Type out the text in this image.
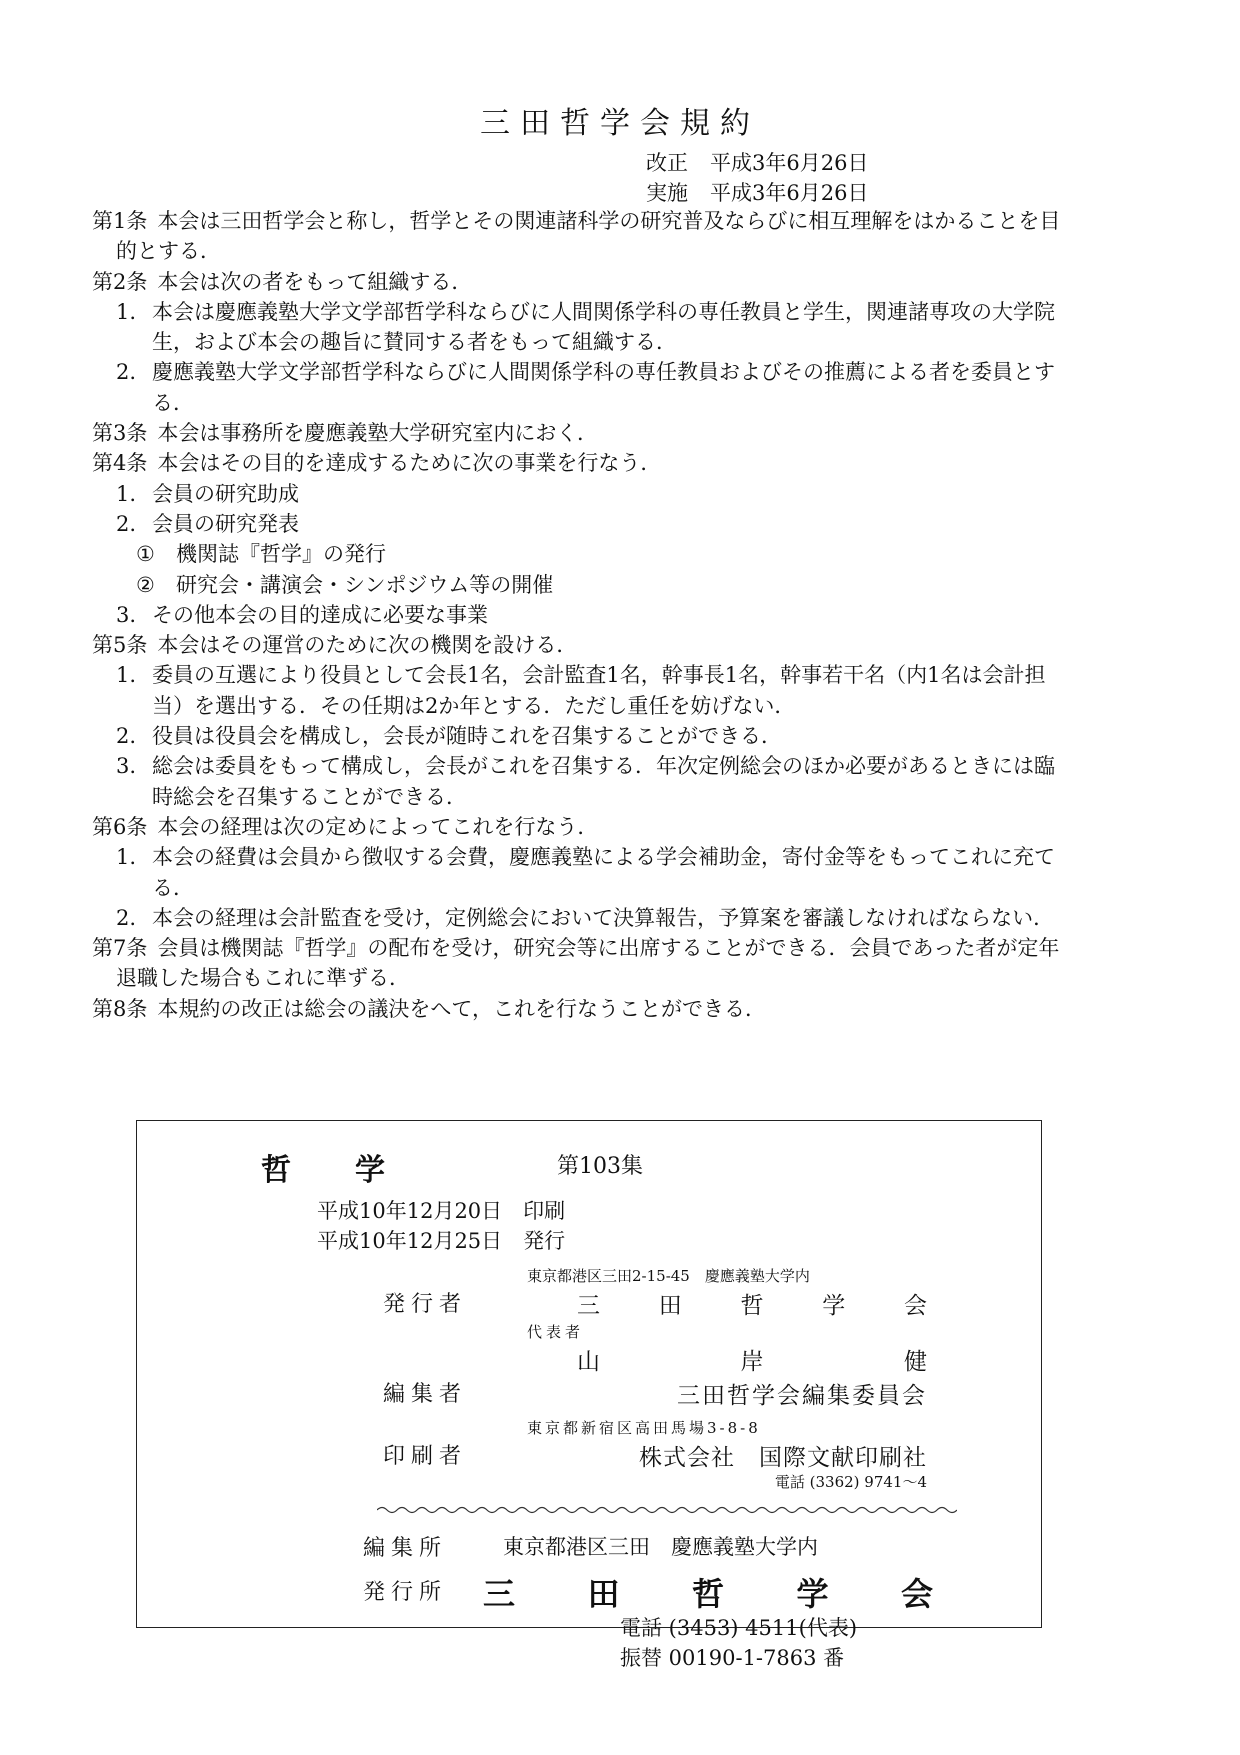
三田哲学会規約
改正 平成3年6月26日
実施 平成3年6月26日

第1条 本会は三田哲学会と称し，哲学とその関連諸科学の研究普及ならびに相互理解をはかることを目的とする．

第2条 本会は次の者をもって組織する．

1. 本会は慶應義塾大学文学部哲学科ならびに人間関係学科の専任教員と学生，関連諸専攻の大学院生，および本会の趣旨に賛同する者をもって組織する．

2. 慶應義塾大学文学部哲学科ならびに人間関係学科の専任教員およびその推薦による者を委員とする．

第3条 本会は事務所を慶應義塾大学研究室内におく．

第4条 本会はその目的を達成するために次の事業を行なう．

1. 会員の研究助成

2. 会員の研究発表

① 機関誌『哲学』の発行

② 研究会・講演会・シンポジウム等の開催

3. その他本会の目的達成に必要な事業

第5条 本会はその運営のために次の機関を設ける．

1. 委員の互選により役員として会長1名，会計監査1名，幹事長1名，幹事若干名（内1名は会計担当）を選出する．その任期は2か年とする．ただし重任を妨げない．

2. 役員は役員会を構成し，会長が随時これを召集することができる．

3. 総会は委員をもって構成し，会長がこれを召集する．年次定例総会のほか必要があるときには臨時総会を召集することができる．

第6条 本会の経理は次の定めによってこれを行なう．

1. 本会の経費は会員から徴収する会費，慶應義塾による学会補助金，寄付金等をもってこれに充てる．

2. 本会の経理は会計監査を受け，定例総会において決算報告，予算案を審議しなければならない．

第7条 会員は機関誌『哲学』の配布を受け，研究会等に出席することができる．会員であった者が定年退職した場合もこれに準ずる．

第8条 本規約の改正は総会の議決をへて，これを行なうことができる．

哲学	第103集
平成10年12月20日　印刷
平成10年12月25日　発行
東京都港区三田2-15-45　慶應義塾大学内
発行者	三田哲学会
代表者
山岸健
編集者	三田哲学会編集委員会
東京都新宿区高田馬場3-8-8
印刷者	株式会社　国際文献印刷社
電話 (3362) 9741～4
編集所	東京都港区三田　慶應義塾大学内
発行所 三田哲学会
電話 (3453) 4511(代表)
振替 00190-1-7863 番
